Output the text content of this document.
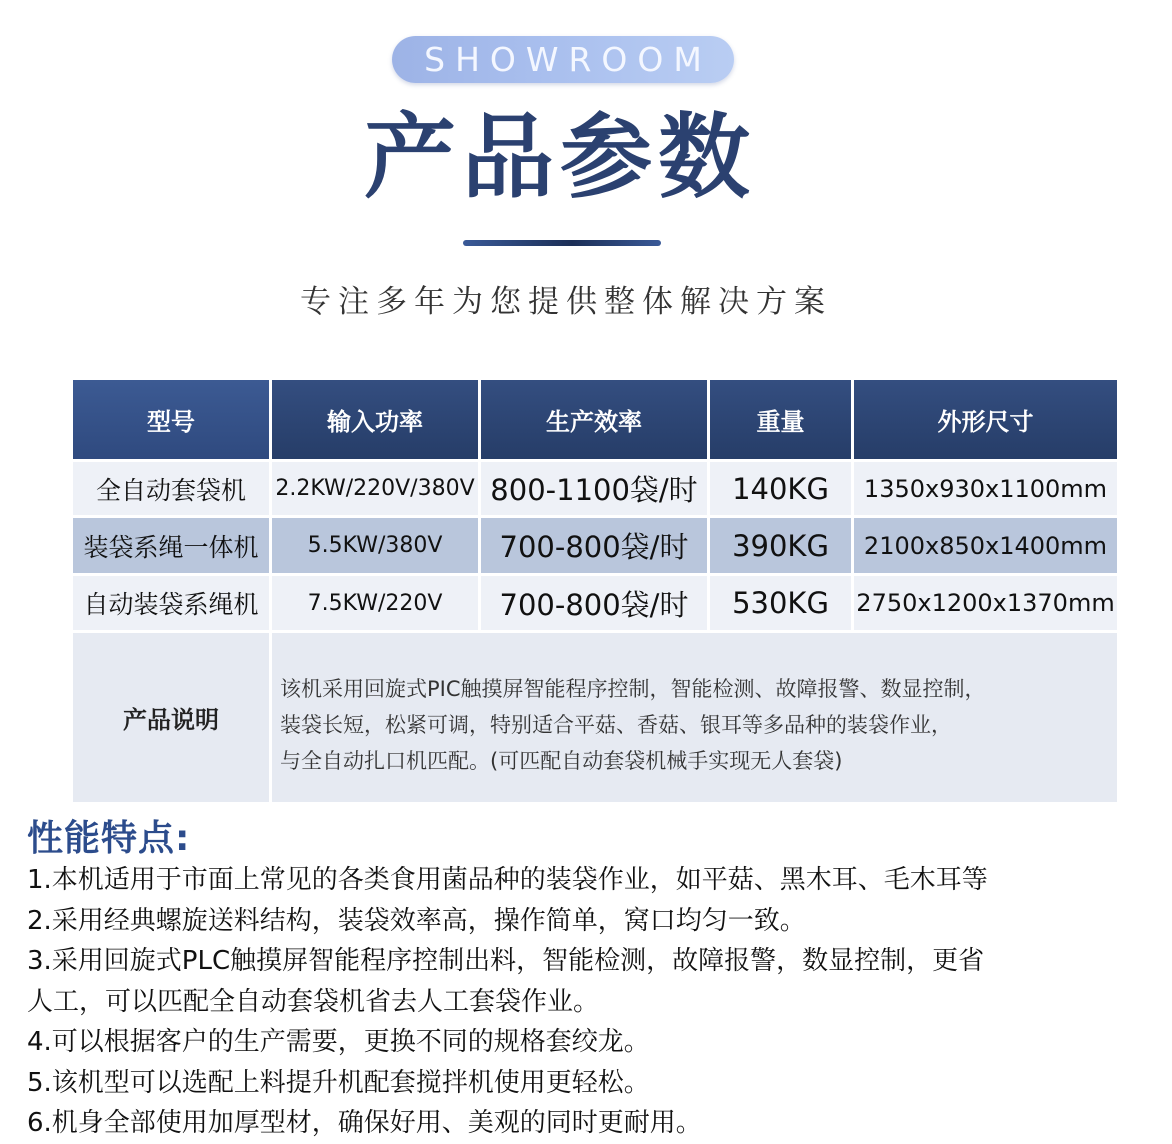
SHOWROOM
产品参数
专注多年为您提供整体解决方案
型号	输入功率	生产效率	重量	外形尺寸
全自动套袋机	2.2KW/220V/380V 800-1100袋/时	140KG	1350x930x1100mm
装袋系绳一体机	5.5KW/380V	700-800袋/时	390KG	2100x850x1400mm
自动装袋系绳机	7.5KW/220V	700-800袋/时	530KG	2750x1200x1370mm
产品说明
该机采用回旋式PIC触摸屏智能程序控制，智能检测、故障报警、数显控制，
装袋长短，松紧可调，特别适合平菇、香菇、银耳等多品种的装袋作业，
与全自动扎口机匹配。(可匹配自动套袋机械手实现无人套袋)
性能特点:
1.本机适用于市面上常见的各类食用菌品种的装袋作业，如平菇、黑木耳、毛木耳等
2.采用经典螺旋送料结构，装袋效率高，操作简单，窝口均匀一致。
3.采用回旋式PLC触摸屏智能程序控制出料，智能检测，故障报警，数显控制，更省
人工，可以匹配全自动套袋机省去人工套袋作业。
4.可以根据客户的生产需要，更换不同的规格套绞龙。
5.该机型可以选配上料提升机配套搅拌机使用更轻松。
6.机身全部使用加厚型材，确保好用、美观的同时更耐用。
